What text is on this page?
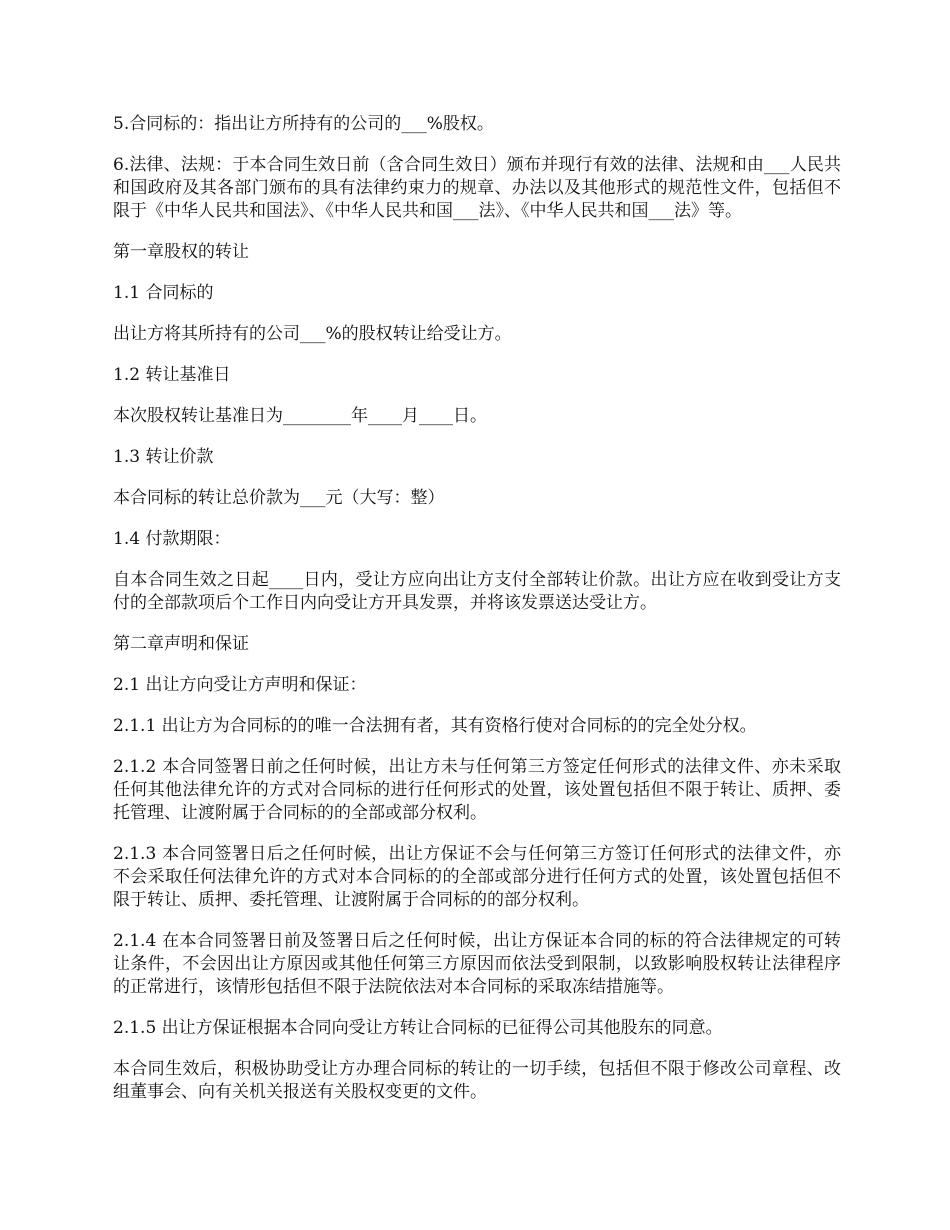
5.合同标的：指出让方所持有的公司的___%股权。

6.法律、法规：于本合同生效日前（含合同生效日）颁布并现行有效的法律、法规和由___人民共和国政府及其各部门颁布的具有法律约束力的规章、办法以及其他形式的规范性文件，包括但不限于《中华人民共和国法》、《中华人民共和国___法》、《中华人民共和国___法》等。

第一章股权的转让

1.1 合同标的

出让方将其所持有的公司___%的股权转让给受让方。

1.2 转让基准日

本次股权转让基准日为________年____月____日。

1.3 转让价款

本合同标的转让总价款为___元（大写：整）

1.4 付款期限：

自本合同生效之日起____日内，受让方应向出让方支付全部转让价款。出让方应在收到受让方支付的全部款项后个工作日内向受让方开具发票，并将该发票送达受让方。

第二章声明和保证

2.1 出让方向受让方声明和保证：

2.1.1 出让方为合同标的的唯一合法拥有者，其有资格行使对合同标的的完全处分权。

2.1.2 本合同签署日前之任何时候，出让方未与任何第三方签定任何形式的法律文件、亦未采取任何其他法律允许的方式对合同标的进行任何形式的处置，该处置包括但不限于转让、质押、委托管理、让渡附属于合同标的的全部或部分权利。

2.1.3 本合同签署日后之任何时候，出让方保证不会与任何第三方签订任何形式的法律文件，亦不会采取任何法律允许的方式对本合同标的的全部或部分进行任何方式的处置，该处置包括但不限于转让、质押、委托管理、让渡附属于合同标的的部分权利。

2.1.4 在本合同签署日前及签署日后之任何时候，出让方保证本合同的标的符合法律规定的可转让条件，不会因出让方原因或其他任何第三方原因而依法受到限制，以致影响股权转让法律程序的正常进行，该情形包括但不限于法院依法对本合同标的采取冻结措施等。

2.1.5 出让方保证根据本合同向受让方转让合同标的已征得公司其他股东的同意。

本合同生效后，积极协助受让方办理合同标的转让的一切手续，包括但不限于修改公司章程、改组董事会、向有关机关报送有关股权变更的文件。
